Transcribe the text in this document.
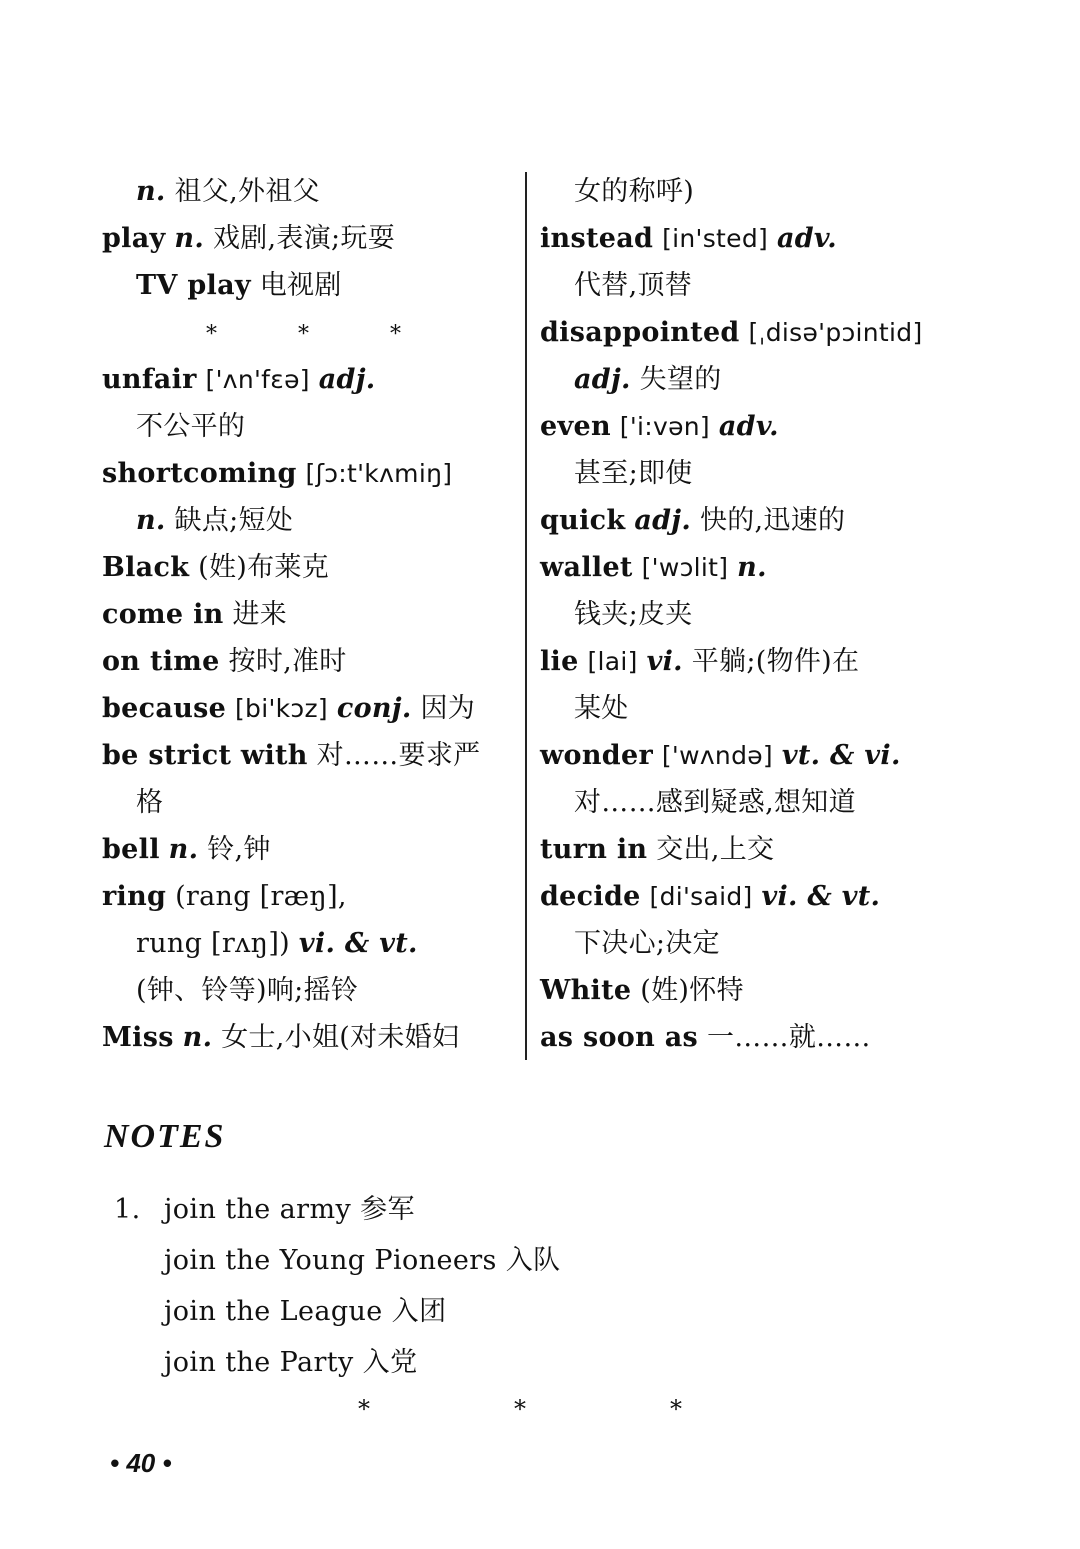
n. 祖父,外祖父
play n. 戏剧,表演;玩耍
TV play 电视剧
*	*	*
unfair ['ʌn'fɛə] adj.
不公平的
shortcoming [ʃɔ:t'kʌmiŋ]
n. 缺点;短处
Black (姓)布莱克
come in 进来
on time 按时,准时
because [bi'kɔz] conj. 因为
be strict with 对……要求严
格
bell n. 铃,钟
ring (rang [ræŋ],
rung [rʌŋ]) vi. & vt.
(钟、铃等)响;摇铃
Miss n. 女士,小姐(对未婚妇
女的称呼)
instead [in'sted] adv.
代替,顶替
disappointed [ˌdisə'pɔintid]
adj. 失望的
even ['i:vən] adv.
甚至;即使
quick adj. 快的,迅速的
wallet ['wɔlit] n.
钱夹;皮夹
lie [lai] vi. 平躺;(物件)在
某处
wonder ['wʌndə] vt. & vi.
对……感到疑惑,想知道
turn in 交出,上交
decide [di'said] vi. & vt.
下决心;决定
White (姓)怀特
as soon as 一……就……
NOTES
1. join the army 参军
join the Young Pioneers 入队
join the League 入团
join the Party 入党
*	*	*
• 40 •
